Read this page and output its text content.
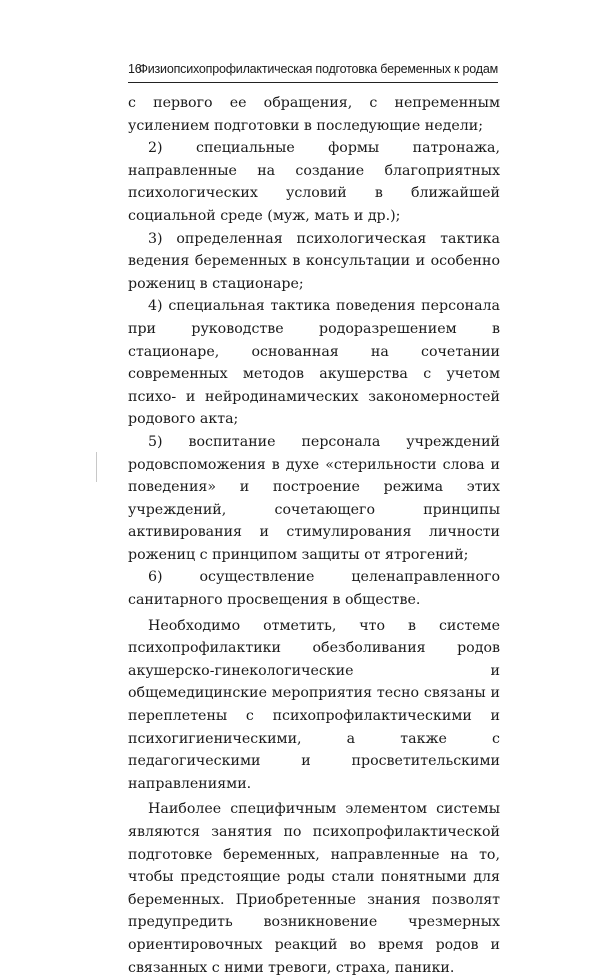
16
Физиопсихопрофилактическая подготовка беременных к родам

с первого ее обращения, с непременным усилением подготовки в последующие недели;

2) специальные формы патронажа, направленные на создание благоприятных психологических условий в ближайшей социальной среде (муж, мать и др.);

3) определенная психологическая тактика ведения беременных в консультации и особенно рожениц в стационаре;

4) специальная тактика поведения персонала при руководстве родоразрешением в стационаре, основанная на сочетании современных методов акушерства с учетом психо- и нейродинамических закономерностей родового акта;

5) воспитание персонала учреждений родовспоможения в духе «стерильности слова и поведения» и построение режима этих учреждений, сочетающего принципы активирования и стимулирования личности рожениц с принципом защиты от ятрогений;

6) осуществление целенаправленного санитарного просвещения в обществе.

Необходимо отметить, что в системе психопрофилактики обезболивания родов акушерско-гинекологические и общемедицинские мероприятия тесно связаны и переплетены с психопрофилактическими и психогигиеническими, а также с педагогическими и просветительскими направлениями.

Наиболее специфичным элементом системы являются занятия по психопрофилактической подготовке беременных, направленные на то, чтобы предстоящие роды стали понятными для беременных. Приобретенные знания позволят предупредить возникновение чрезмерных ориентировочных реакций во время родов и связанных с ними тревоги, страха, паники.
